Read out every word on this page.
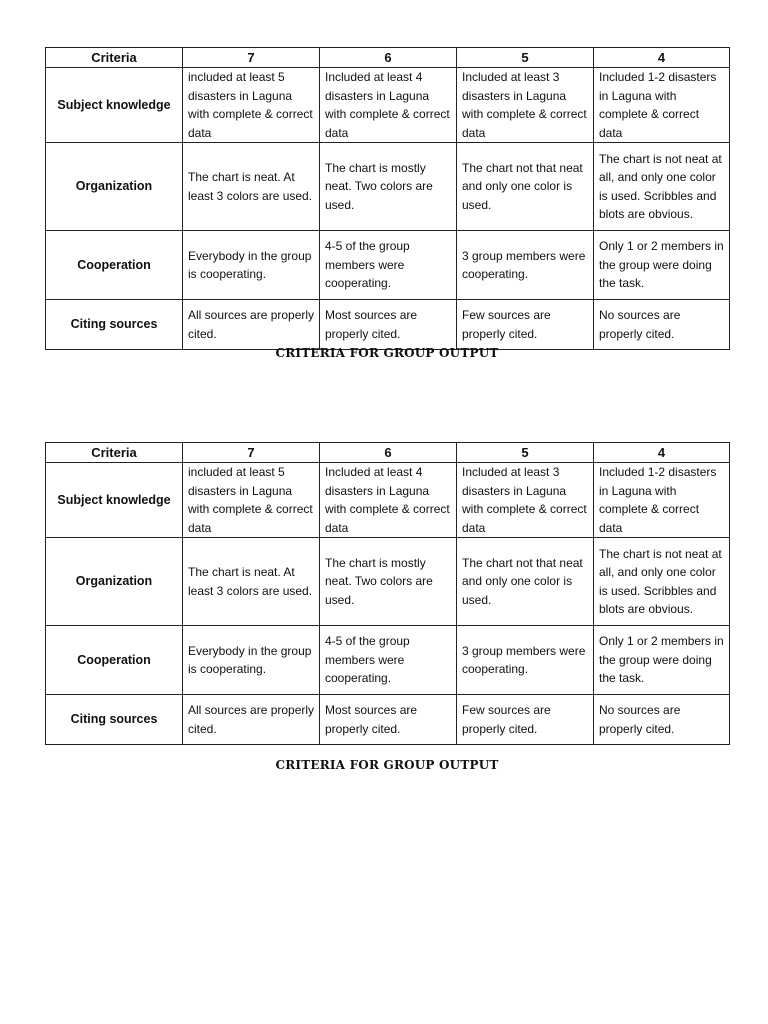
Criteria	7	6	5	4
Subject knowledge	included at least 5 disasters in Laguna with complete & correct data	Included at least 4 disasters in Laguna with complete & correct data	Included at least 3 disasters in Laguna with complete & correct data	Included 1-2 disasters in Laguna with complete & correct data
Organization	The chart is neat. At least 3 colors are used.	The chart is mostly neat. Two colors are used.	The chart not that neat and only one color is used.	The chart is not neat at all, and only one color is used. Scribbles and blots are obvious.
Cooperation	Everybody in the group is cooperating.	4-5 of the group members were cooperating.	3 group members were cooperating.	Only 1 or 2 members in the group were doing the task.
Citing sources	All sources are properly cited.	Most sources are properly cited.	Few sources are properly cited.	No sources are properly cited.
CRITERIA FOR GROUP OUTPUT
Criteria	7	6	5	4
Subject knowledge	included at least 5 disasters in Laguna with complete & correct data	Included at least 4 disasters in Laguna with complete & correct data	Included at least 3 disasters in Laguna with complete & correct data	Included 1-2 disasters in Laguna with complete & correct data
Organization	The chart is neat. At least 3 colors are used.	The chart is mostly neat. Two colors are used.	The chart not that neat and only one color is used.	The chart is not neat at all, and only one color is used. Scribbles and blots are obvious.
Cooperation	Everybody in the group is cooperating.	4-5 of the group members were cooperating.	3 group members were cooperating.	Only 1 or 2 members in the group were doing the task.
Citing sources	All sources are properly cited.	Most sources are properly cited.	Few sources are properly cited.	No sources are properly cited.
CRITERIA FOR GROUP OUTPUT
